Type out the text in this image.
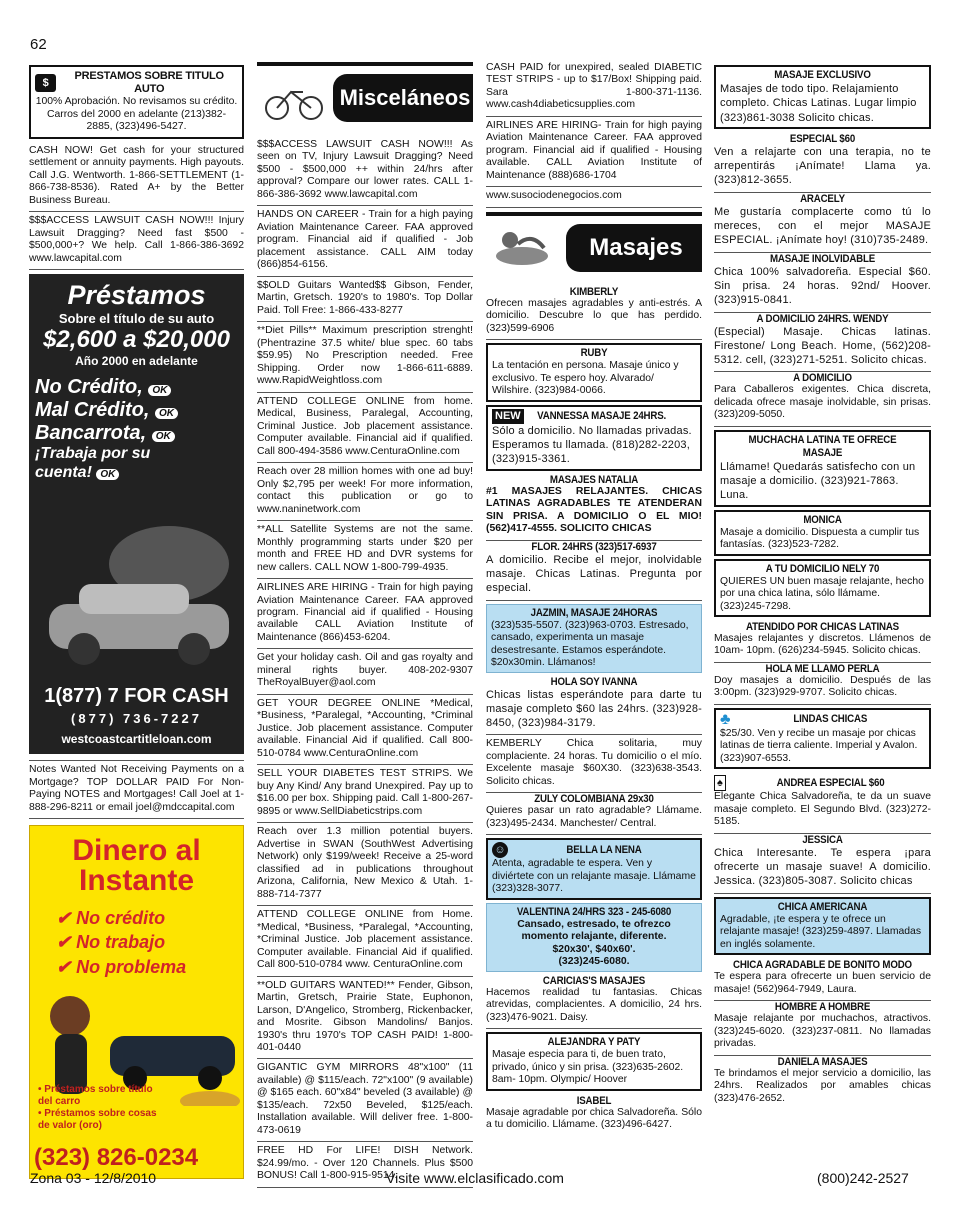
62
$
PRESTAMOS SOBRE TITULO AUTO
100% Aprobación. No revisamos su crédito. Carros del 2000 en adelante (213)382-2885, (323)496-5427.
CASH NOW! Get cash for your structured settlement or annuity payments. High payouts. Call J.G. Wentworth. 1-866-SETTLEMENT (1-866-738-8536). Rated A+ by the Better Business Bureau.
$$$ACCESS LAWSUIT CASH NOW!!! Injury Lawsuit Dragging? Need fast $500 - $500,000+? We help. Call 1-866-386-3692 www.lawcapital.com
Préstamos
Sobre el título de su auto
$2,600 a $20,000
Año 2000 en adelante
No Crédito, OK
Mal Crédito, OK
Bancarrota, OK
¡Trabaja por su
cuenta! OK
1(877) 7 FOR CASH
(877) 736-7227
westcoastcartitleloan.com
Notes Wanted Not Receiving Payments on a Mortgage? TOP DOLLAR PAID For Non-Paying NOTES and Mortgages! Call Joel at 1-888-296-8211 or email joel@mdccapital.com
Dinero al
Instante
✔ No crédito
✔ No trabajo
✔ No problema
• Préstamos sobre título del carro
• Préstamos sobre cosas de valor (oro)
(323) 826-0234
Misceláneos
$$$ACCESS LAWSUIT CASH NOW!!! As seen on TV, Injury Lawsuit Dragging? Need $500 - $500,000 ++ within 24/hrs after approval? Compare our lower rates. CALL 1-866-386-3692 www.lawcapital.com
HANDS ON CAREER - Train for a high paying Aviation Maintenance Career. FAA approved program. Financial aid if qualified - Job placement assistance. CALL AIM today (866)854-6156.
$$OLD Guitars Wanted$$ Gibson, Fender, Martin, Gretsch. 1920's to 1980's. Top Dollar Paid. Toll Free: 1-866-433-8277
**Diet Pills** Maximum prescription strenght! (Phentrazine 37.5 white/ blue spec. 60 tabs $59.95) No Prescription needed. Free Shipping. Order now 1-866-611-6889. www.RapidWeightloss.com
ATTEND COLLEGE ONLINE from home. Medical, Business, Paralegal, Accounting, Criminal Justice. Job placement assistance. Computer available. Financial aid if qualified. Call 800-494-3586 www.CenturaOnline.com
Reach over 28 million homes with one ad buy! Only $2,795 per week! For more information, contact this publication or go to www.naninetwork.com
**ALL Satellite Systems are not the same. Monthly programming starts under $20 per month and FREE HD and DVR systems for new callers. CALL NOW 1-800-799-4935.
AIRLINES ARE HIRING - Train for high paying Aviation Maintenance Career. FAA approved program. Financial aid if qualified - Housing available CALL Aviation Institute of Maintenance (866)453-6204.
Get your holiday cash. Oil and gas royalty and mineral rights buyer. 408-202-9307 TheRoyalBuyer@aol.com
GET YOUR DEGREE ONLINE *Medical, *Business, *Paralegal, *Accounting, *Criminal Justice. Job placement assistance. Computer available. Financial Aid if qualified. Call 800-510-0784 www.CenturaOnline.com
SELL YOUR DIABETES TEST STRIPS. We buy Any Kind/ Any brand Unexpired. Pay up to $16.00 per box. Shipping paid. Call 1-800-267-9895 or www.SellDiabeticstrips.com
Reach over 1.3 million potential buyers. Advertise in SWAN (SouthWest Advertising Network) only $199/week! Receive a 25-word classified ad in publications throughout Arizona, California, New Mexico & Utah. 1-888-714-7377
ATTEND COLLEGE ONLINE from Home. *Medical, *Business, *Paralegal, *Accounting, *Criminal Justice. Job placement assistance. Computer available. Financial Aid if qualified. Call 800-510-0784 www. CenturaOnline.com
**OLD GUITARS WANTED!** Fender, Gibson, Martin, Gretsch, Prairie State, Euphonon, Larson, D'Angelico, Stromberg, Rickenbacker, and Mosrite. Gibson Mandolins/ Banjos. 1930's thru 1970's TOP CASH PAID! 1-800-401-0440
GIGANTIC GYM MIRRORS 48"x100" (11 available) @ $115/each. 72"x100" (9 available) @ $165 each. 60"x84" beveled (3 available) @ $135/each. 72x50 Beveled, $125/each. Installation available. Will deliver free. 1-800-473-0619
FREE HD For LIFE! DISH Network. $24.99/mo. - Over 120 Channels. Plus $500 BONUS! Call 1-800-915-9514.
CASH PAID for unexpired, sealed DIABETIC TEST STRIPS - up to $17/Box! Shipping paid. Sara 1-800-371-1136. www.cash4diabeticsupplies.com
AIRLINES ARE HIRING- Train for high paying Aviation Maintenance Career. FAA approved program. Financial aid if qualified - Housing available. CALL Aviation Institute of Maintenance (888)686-1704
www.susociodenegocios.com
Masajes
KIMBERLY
Ofrecen masajes agradables y anti-estrés. A domicilio. Descubre lo que has perdido. (323)599-6906
RUBY
La tentación en persona. Masaje único y exclusivo. Te espero hoy. Alvarado/ Wilshire. (323)984-0066.
NEW VANNESSA MASAJE 24HRS.
Sólo a domicilio. No llamadas privadas. Esperamos tu llamada. (818)282-2203, (323)915-3361.
MASAJES NATALIA
#1 MASAJES RELAJANTES. CHICAS LATINAS AGRADABLES TE ATENDERAN SIN PRISA. A DOMICILIO O EL MIO! (562)417-4555. SOLICITO CHICAS
FLOR. 24HRS (323)517-6937
A domicilio. Recibe el mejor, inolvidable masaje. Chicas Latinas. Pregunta por especial.
JAZMIN, MASAJE 24HORAS
(323)535-5507. (323)963-0703. Estresado, cansado, experimenta un masaje desestresante. Estamos esperándote. $20x30min. Llámanos!
HOLA SOY IVANNA
Chicas listas esperándote para darte tu masaje completo $60 las 24hrs. (323)928-8450, (323)984-3179.
KEMBERLY Chica solitaria, muy complaciente. 24 horas. Tu domicilio o el mío. Excelente masaje $60X30. (323)638-3543. Solicito chicas.
ZULY COLOMBIANA 29x30
Quieres pasar un rato agradable? Llámame. (323)495-2434. Manchester/ Central.
☺	BELLA LA NENA
Atenta, agradable te espera. Ven y diviértete con un relajante masaje. Llámame (323)328-3077.
VALENTINA 24/HRS 323 - 245-6080
Cansado, estresado, te ofrezco
momento relajante, diferente.
$20x30', $40x60'.
(323)245-6080.
CARICIAS'S MASAJES
Hacemos realidad tu fantasias. Chicas atrevidas, complacientes. A domicilio, 24 hrs. (323)476-9021. Daisy.
ALEJANDRA Y PATY
Masaje especia para ti, de buen trato, privado, único y sin prisa. (323)635-2602. 8am- 10pm. Olympic/ Hoover
ISABEL
Masaje agradable por chica Salvadoreña. Sólo a tu domicilio. Llámame. (323)496-6427.
MASAJE EXCLUSIVO
Masajes de todo tipo. Relajamiento completo. Chicas Latinas. Lugar limpio (323)861-3038 Solicito chicas.
ESPECIAL $60
Ven a relajarte con una terapia, no te arrepentirás ¡Anímate! Llama ya. (323)812-3655.
ARACELY
Me gustaría complacerte como tú lo mereces, con el mejor MASAJE ESPECIAL. ¡Anímate hoy! (310)735-2489.
MASAJE INOLVIDABLE
Chica 100% salvadoreña. Especial $60. Sin prisa. 24 horas. 92nd/ Hoover. (323)915-0841.
A DOMICILIO 24HRS. WENDY
(Especial) Masaje. Chicas latinas. Firestone/ Long Beach. Home, (562)208-5312. cell, (323)271-5251. Solicito chicas.
A DOMICILIO
Para Caballeros exigentes. Chica discreta, delicada ofrece masaje inolvidable, sin prisas. (323)209-5050.
MUCHACHA LATINA TE OFRECE MASAJE
Llámame! Quedarás satisfecho con un masaje a domicilio. (323)921-7863. Luna.
MONICA
Masaje a domicilio. Dispuesta a cumplir tus fantasías. (323)523-7282.
A TU DOMICILIO NELY 70
QUIERES UN buen masaje relajante, hecho por una chica latina, sólo llámame. (323)245-7298.
ATENDIDO POR CHICAS LATINAS
Masajes relajantes y discretos. Llámenos de 10am- 10pm. (626)234-5945. Solicito chicas.
HOLA ME LLAMO PERLA
Doy masajes a domicilio. Después de las 3:00pm. (323)929-9707. Solicito chicas.
♣	LINDAS CHICAS
$25/30. Ven y recibe un masaje por chicas latinas de tierra caliente. Imperial y Avalon. (323)907-6553.
♠	ANDREA ESPECIAL $60
Elegante Chica Salvadoreña, te da un suave masaje completo. El Segundo Blvd. (323)272-5185.
JESSICA
Chica Interesante. Te espera ¡para ofrecerte un masaje suave! A domicilio. Jessica. (323)805-3087. Solicito chicas
CHICA AMERICANA
Agradable, ¡te espera y te ofrece un relajante masaje! (323)259-4897. Llamadas en inglés solamente.
CHICA AGRADABLE DE BONITO MODO
Te espera para ofrecerte un buen servicio de masaje! (562)964-7949, Laura.
HOMBRE A HOMBRE
Masaje relajante por muchachos, atractivos. (323)245-6020. (323)237-0811. No llamadas privadas.
DANIELA MASAJES
Te brindamos el mejor servicio a domicilio, las 24hrs. Realizados por amables chicas (323)476-2652.
Zona 03 - 12/8/2010	Visite www.elclasificado.com	(800)242-2527
